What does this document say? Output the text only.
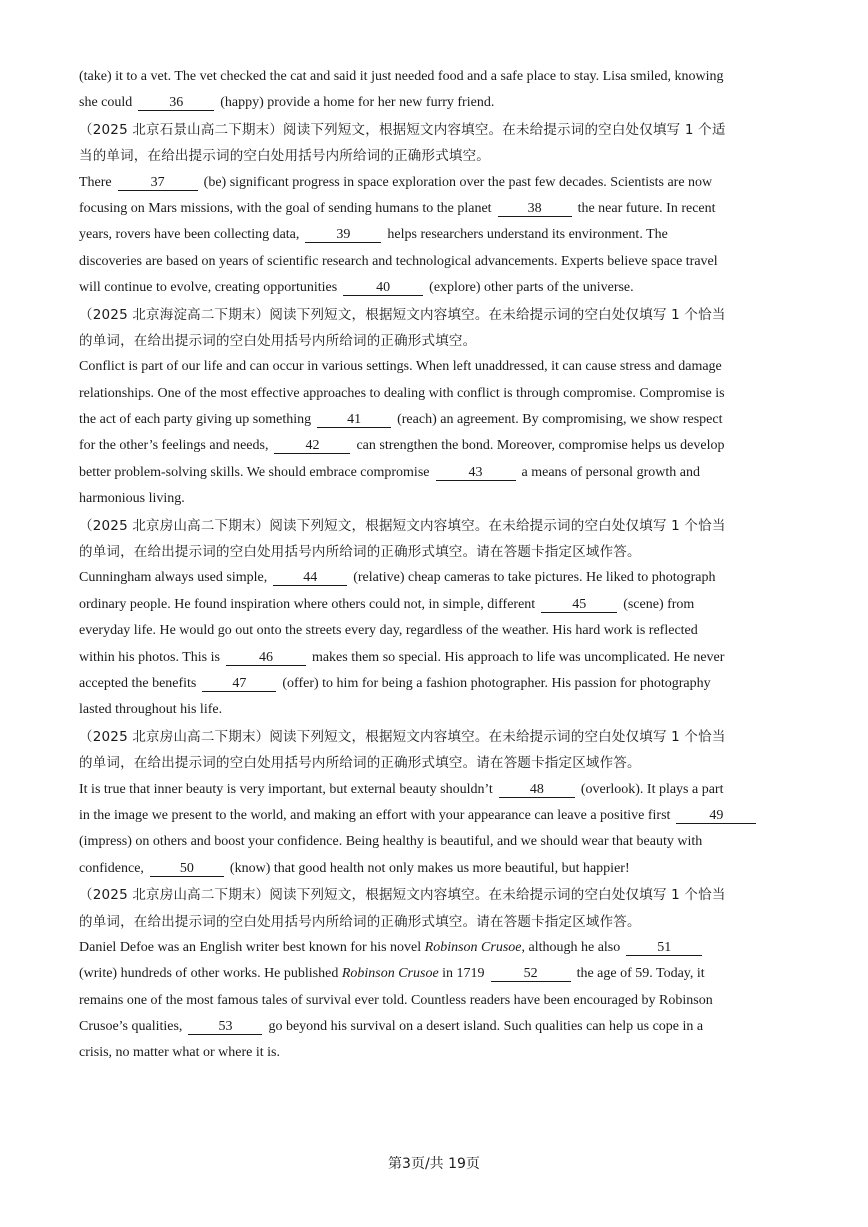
(take) it to a vet. The vet checked the cat and said it just needed food and a safe place to stay. Lisa smiled, knowing
she could	36	(happy) provide a home for her new furry friend.
（2025 北京石景山高二下期末）阅读下列短文，根据短文内容填空。在未给提示词的空白处仅填写 1 个适
当的单词，在给出提示词的空白处用括号内所给词的正确形式填空。
There	37	(be) significant progress in space exploration over the past few decades. Scientists are now
focusing on Mars missions, with the goal of sending humans to the planet	38	the near future. In recent
years, rovers have been collecting data,	39	helps researchers understand its environment. The
discoveries are based on years of scientific research and technological advancements. Experts believe space travel
will continue to evolve, creating opportunities	40	(explore) other parts of the universe.
（2025 北京海淀高二下期末）阅读下列短文，根据短文内容填空。在未给提示词的空白处仅填写 1 个恰当
的单词，在给出提示词的空白处用括号内所给词的正确形式填空。
Conflict is part of our life and can occur in various settings. When left unaddressed, it can cause stress and damage
relationships. One of the most effective approaches to dealing with conflict is through compromise. Compromise is
the act of each party giving up something	41	(reach) an agreement. By compromising, we show respect
for the other’s feelings and needs,	42	can strengthen the bond. Moreover, compromise helps us develop
better problem-solving skills. We should embrace compromise	43	a means of personal growth and
harmonious living.
（2025 北京房山高二下期末）阅读下列短文，根据短文内容填空。在未给提示词的空白处仅填写 1 个恰当
的单词，在给出提示词的空白处用括号内所给词的正确形式填空。请在答题卡指定区域作答。
Cunningham always used simple,	44	(relative) cheap cameras to take pictures. He liked to photograph
ordinary people. He found inspiration where others could not, in simple, different	45	(scene) from
everyday life. He would go out onto the streets every day, regardless of the weather. His hard work is reflected
within his photos. This is	46	makes them so special. His approach to life was uncomplicated. He never
accepted the benefits	47	(offer) to him for being a fashion photographer. His passion for photography
lasted throughout his life.
（2025 北京房山高二下期末）阅读下列短文，根据短文内容填空。在未给提示词的空白处仅填写 1 个恰当
的单词，在给出提示词的空白处用括号内所给词的正确形式填空。请在答题卡指定区域作答。
It is true that inner beauty is very important, but external beauty shouldn’t	48	(overlook). It plays a part
in the image we present to the world, and making an effort with your appearance can leave a positive first	49
(impress) on others and boost your confidence. Being healthy is beautiful, and we should wear that beauty with
confidence,	50	(know) that good health not only makes us more beautiful, but happier!
（2025 北京房山高二下期末）阅读下列短文，根据短文内容填空。在未给提示词的空白处仅填写 1 个恰当
的单词，在给出提示词的空白处用括号内所给词的正确形式填空。请在答题卡指定区域作答。
Daniel Defoe was an English writer best known for his novel Robinson Crusoe, although he also	51
(write) hundreds of other works. He published Robinson Crusoe in 1719	52	the age of 59. Today, it
remains one of the most famous tales of survival ever told. Countless readers have been encouraged by Robinson
Crusoe’s qualities,	53	go beyond his survival on a desert island. Such qualities can help us cope in a
crisis, no matter what or where it is.
第3页/共 19页
